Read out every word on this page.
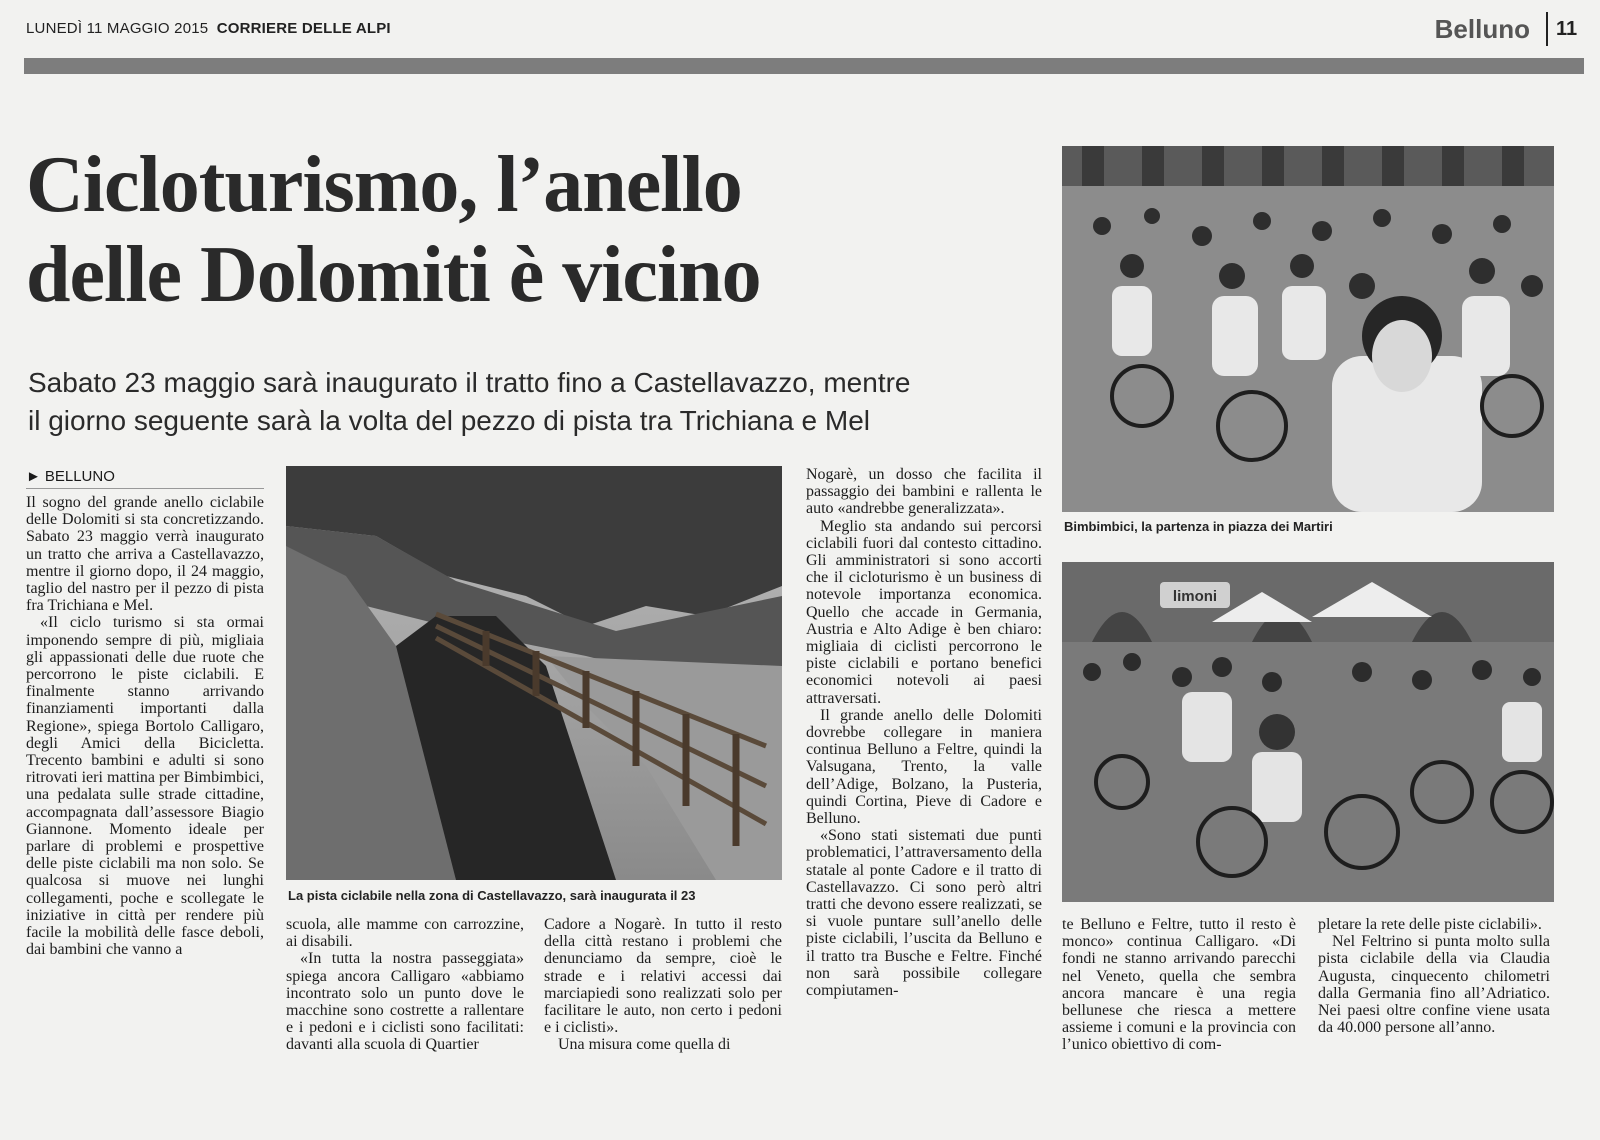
LUNEDÌ 11 MAGGIO 2015 CORRIERE DELLE ALPI	Belluno 11
Cicloturismo, l’anello
delle Dolomiti è vicino
Sabato 23 maggio sarà inaugurato il tratto fino a Castellavazzo, mentre
il giorno seguente sarà la volta del pezzo di pista tra Trichiana e Mel
► BELLUNO

Il sogno del grande anello ciclabile delle Dolomiti si sta concretizzando. Sabato 23 maggio verrà inaugurato un tratto che arriva a Castellavazzo, mentre il giorno dopo, il 24 maggio, taglio del nastro per il pezzo di pista fra Trichiana e Mel.

«Il ciclo turismo si sta ormai imponendo sempre di più, migliaia gli appassionati delle due ruote che percorrono le piste ciclabili. E finalmente stanno arrivando finanziamenti importanti dalla Regione», spiega Bortolo Calligaro, degli Amici della Bicicletta. Trecento bambini e adulti si sono ritrovati ieri mattina per Bimbimbici, una pedalata sulle strade cittadine, accompagnata dall’assessore Biagio Giannone. Momento ideale per parlare di problemi e prospettive delle piste ciclabili ma non solo. Se qualcosa si muove nei lunghi collegamenti, poche e scollegate le iniziative in città per rendere più facile la mobilità delle fasce deboli, dai bambini che vanno a

scuola, alle mamme con carrozzine, ai disabili.

«In tutta la nostra passeggiata» spiega ancora Calligaro «abbiamo incontrato solo un punto dove le macchine sono costrette a rallentare e i pedoni e i ciclisti sono facilitati: davanti alla scuola di Quartier

Cadore a Nogarè. In tutto il resto della città restano i problemi che denunciamo da sempre, cioè le strade e i relativi accessi dai marciapiedi sono realizzati solo per facilitare le auto, non certo i pedoni e i ciclisti».

Una misura come quella di

Nogarè, un dosso che facilita il passaggio dei bambini e rallenta le auto «andrebbe generalizzata».

Meglio sta andando sui percorsi ciclabili fuori dal contesto cittadino. Gli amministratori si sono accorti che il cicloturismo è un business di notevole importanza economica. Quello che accade in Germania, Austria e Alto Adige è ben chiaro: migliaia di ciclisti percorrono le piste ciclabili e portano benefici economici notevoli ai paesi attraversati.

Il grande anello delle Dolomiti dovrebbe collegare in maniera continua Belluno a Feltre, quindi la Valsugana, Trento, la valle dell’Adige, Bolzano, la Pusteria, quindi Cortina, Pieve di Cadore e Belluno.

«Sono stati sistemati due punti problematici, l’attraversamento della statale al ponte Cadore e il tratto di Castellavazzo. Ci sono però altri tratti che devono essere realizzati, se si vuole puntare sull’anello delle piste ciclabili, l’uscita da Belluno e il tratto tra Busche e Feltre. Finché non sarà possibile collegare compiutamen-

te Belluno e Feltre, tutto il resto è monco» continua Calligaro. «Di fondi ne stanno arrivando parecchi nel Veneto, quella che sembra ancora mancare è una regia bellunese che riesca a mettere assieme i comuni e la provincia con l’unico obiettivo di com-

pletare la rete delle piste ciclabili».

Nel Feltrino si punta molto sulla pista ciclabile della via Claudia Augusta, cinquecento chilometri dalla Germania fino all’Adriatico. Nei paesi oltre confine viene usata da 40.000 persone all’anno.

La pista ciclabile nella zona di Castellavazzo, sarà inaugurata il 23
Bimbimbici, la partenza in piazza dei Martiri
limoni
